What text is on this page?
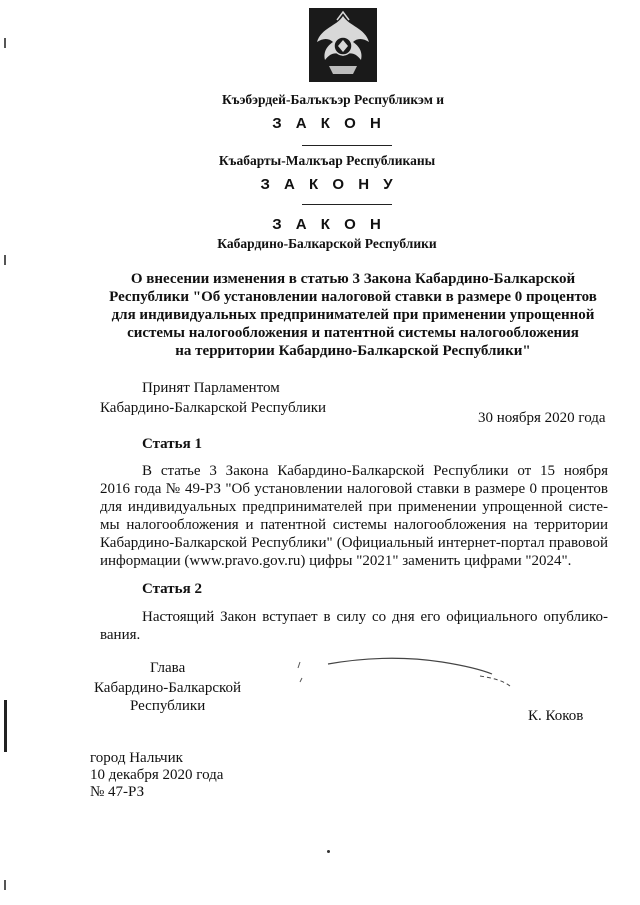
Къэбэрдей-Балъкъэр Республикэм и
З А К О Н
Къабарты-Малкъар Республиканы
З А К О Н У
З А К О Н
Кабардино-Балкарской Республики
О внесении изменения в статью 3 Закона Кабардино-Балкарской
Республики "Об установлении налоговой ставки в размере 0 процентов
для индивидуальных предпринимателей при применении упрощенной
системы налогообложения и патентной системы налогообложения
на территории Кабардино-Балкарской Республики"
Принят Парламентом
Кабардино-Балкарской Республики
30 ноября 2020 года
Статья 1
В статье 3 Закона Кабардино-Балкарской Республики от 15 ноября
2016 года № 49-РЗ "Об установлении налоговой ставки в размере 0 процентов
для индивидуальных предпринимателей при применении упрощенной систе-
мы налогообложения и патентной системы налогообложения на территории
Кабардино-Балкарской Республики" (Официальный интернет-портал правовой
информации (www.pravo.gov.ru) цифры "2021" заменить цифрами "2024".
Статья 2
Настоящий Закон вступает в силу со дня его официального опублико-
вания.
Глава
Кабардино-Балкарской
Республики
К. Коков
город Нальчик
10 декабря 2020 года
№ 47-РЗ
